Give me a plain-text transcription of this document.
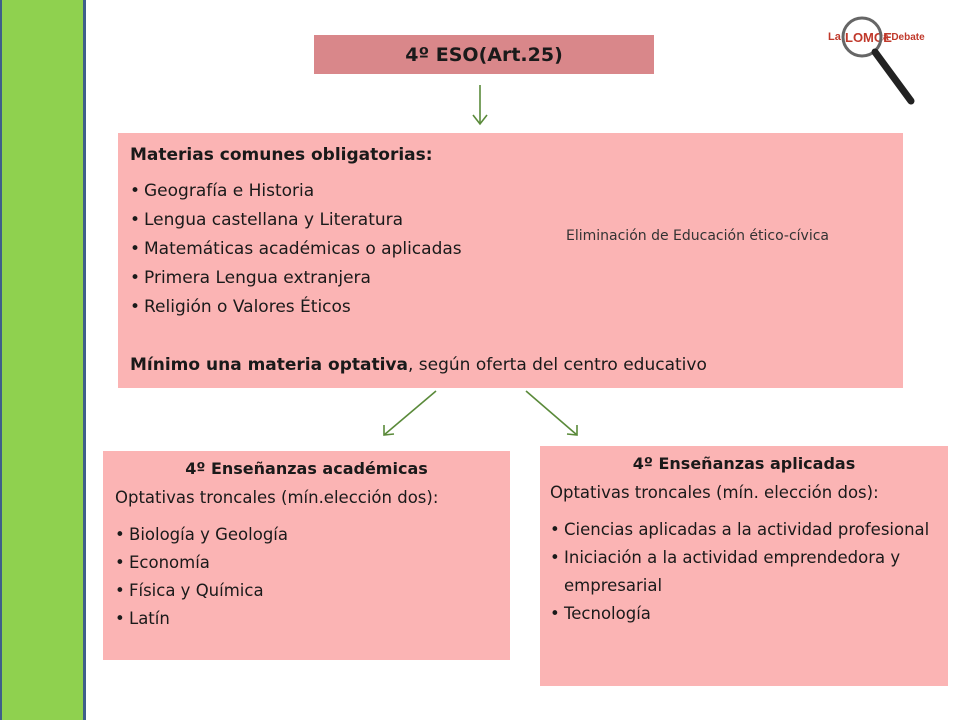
4º ESO(Art.25)
La LOMCE
a Debate
Materias comunes obligatorias:
• Geografía e Historia
• Lengua castellana y Literatura
• Matemáticas académicas o aplicadas
• Primera Lengua extranjera
• Religión o Valores Éticos
Eliminación de Educación ético-cívica
Mínimo una materia optativa, según oferta del centro educativo
4º Enseñanzas académicas
Optativas troncales (mín.elección dos):
• Biología y Geología
• Economía
• Física y Química
• Latín
4º Enseñanzas aplicadas
Optativas troncales (mín. elección dos):
• Ciencias aplicadas a la actividad profesional
• Iniciación a la actividad emprendedora y empresarial
• Tecnología
